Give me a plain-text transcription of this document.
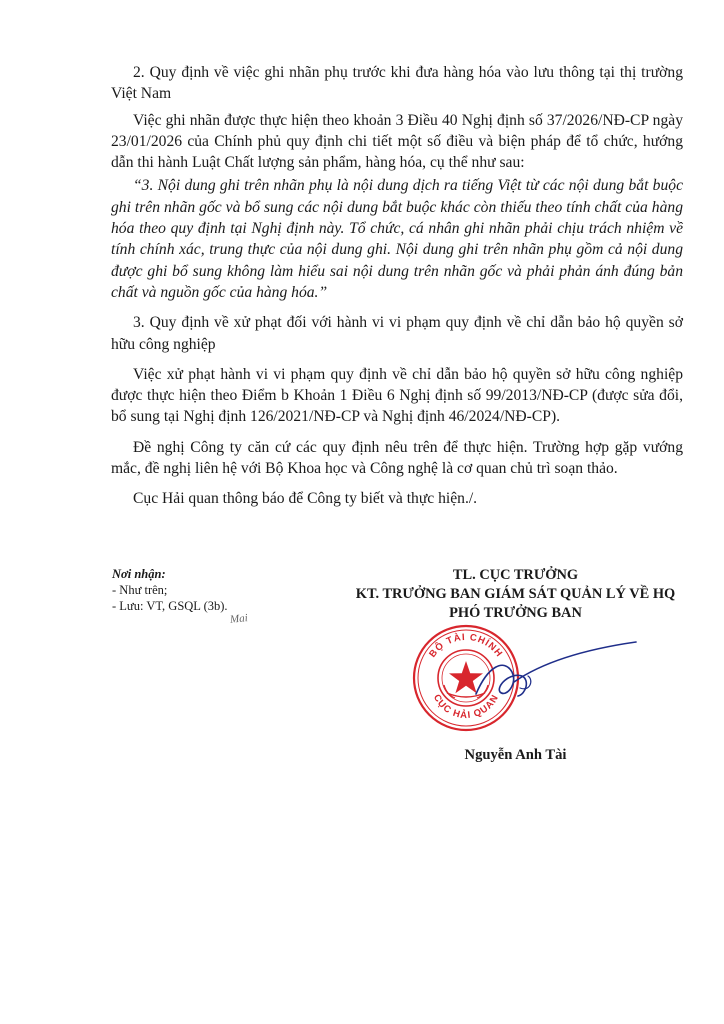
2. Quy định về việc ghi nhãn phụ trước khi đưa hàng hóa vào lưu thông tại thị trường Việt Nam

Việc ghi nhãn được thực hiện theo khoản 3 Điều 40 Nghị định số 37/2026/NĐ-CP ngày 23/01/2026 của Chính phủ quy định chi tiết một số điều và biện pháp để tổ chức, hướng dẫn thi hành Luật Chất lượng sản phẩm, hàng hóa, cụ thể như sau:

“3. Nội dung ghi trên nhãn phụ là nội dung dịch ra tiếng Việt từ các nội dung bắt buộc ghi trên nhãn gốc và bổ sung các nội dung bắt buộc khác còn thiếu theo tính chất của hàng hóa theo quy định tại Nghị định này. Tổ chức, cá nhân ghi nhãn phải chịu trách nhiệm về tính chính xác, trung thực của nội dung ghi. Nội dung ghi trên nhãn phụ gồm cả nội dung được ghi bổ sung không làm hiểu sai nội dung trên nhãn gốc và phải phản ánh đúng bản chất và nguồn gốc của hàng hóa.”

3. Quy định về xử phạt đối với hành vi vi phạm quy định về chỉ dẫn bảo hộ quyền sở hữu công nghiệp

Việc xử phạt hành vi vi phạm quy định về chỉ dẫn bảo hộ quyền sở hữu công nghiệp được thực hiện theo Điểm b Khoản 1 Điều 6 Nghị định số 99/2013/NĐ-CP (được sửa đổi, bổ sung tại Nghị định 126/2021/NĐ-CP và Nghị định 46/2024/NĐ-CP).

Đề nghị Công ty căn cứ các quy định nêu trên để thực hiện. Trường hợp gặp vướng mắc, đề nghị liên hệ với Bộ Khoa học và Công nghệ là cơ quan chủ trì soạn thảo.

Cục Hải quan thông báo để Công ty biết và thực hiện./.

Nơi nhận:
- Như trên;
- Lưu: VT, GSQL (3b).
Mai
TL. CỤC TRƯỞNG
KT. TRƯỞNG BAN GIÁM SÁT QUẢN LÝ VỀ HQ
PHÓ TRƯỞNG BAN
BỘ TÀI CHÍNH
CỤC HẢI QUAN
Nguyễn Anh Tài
